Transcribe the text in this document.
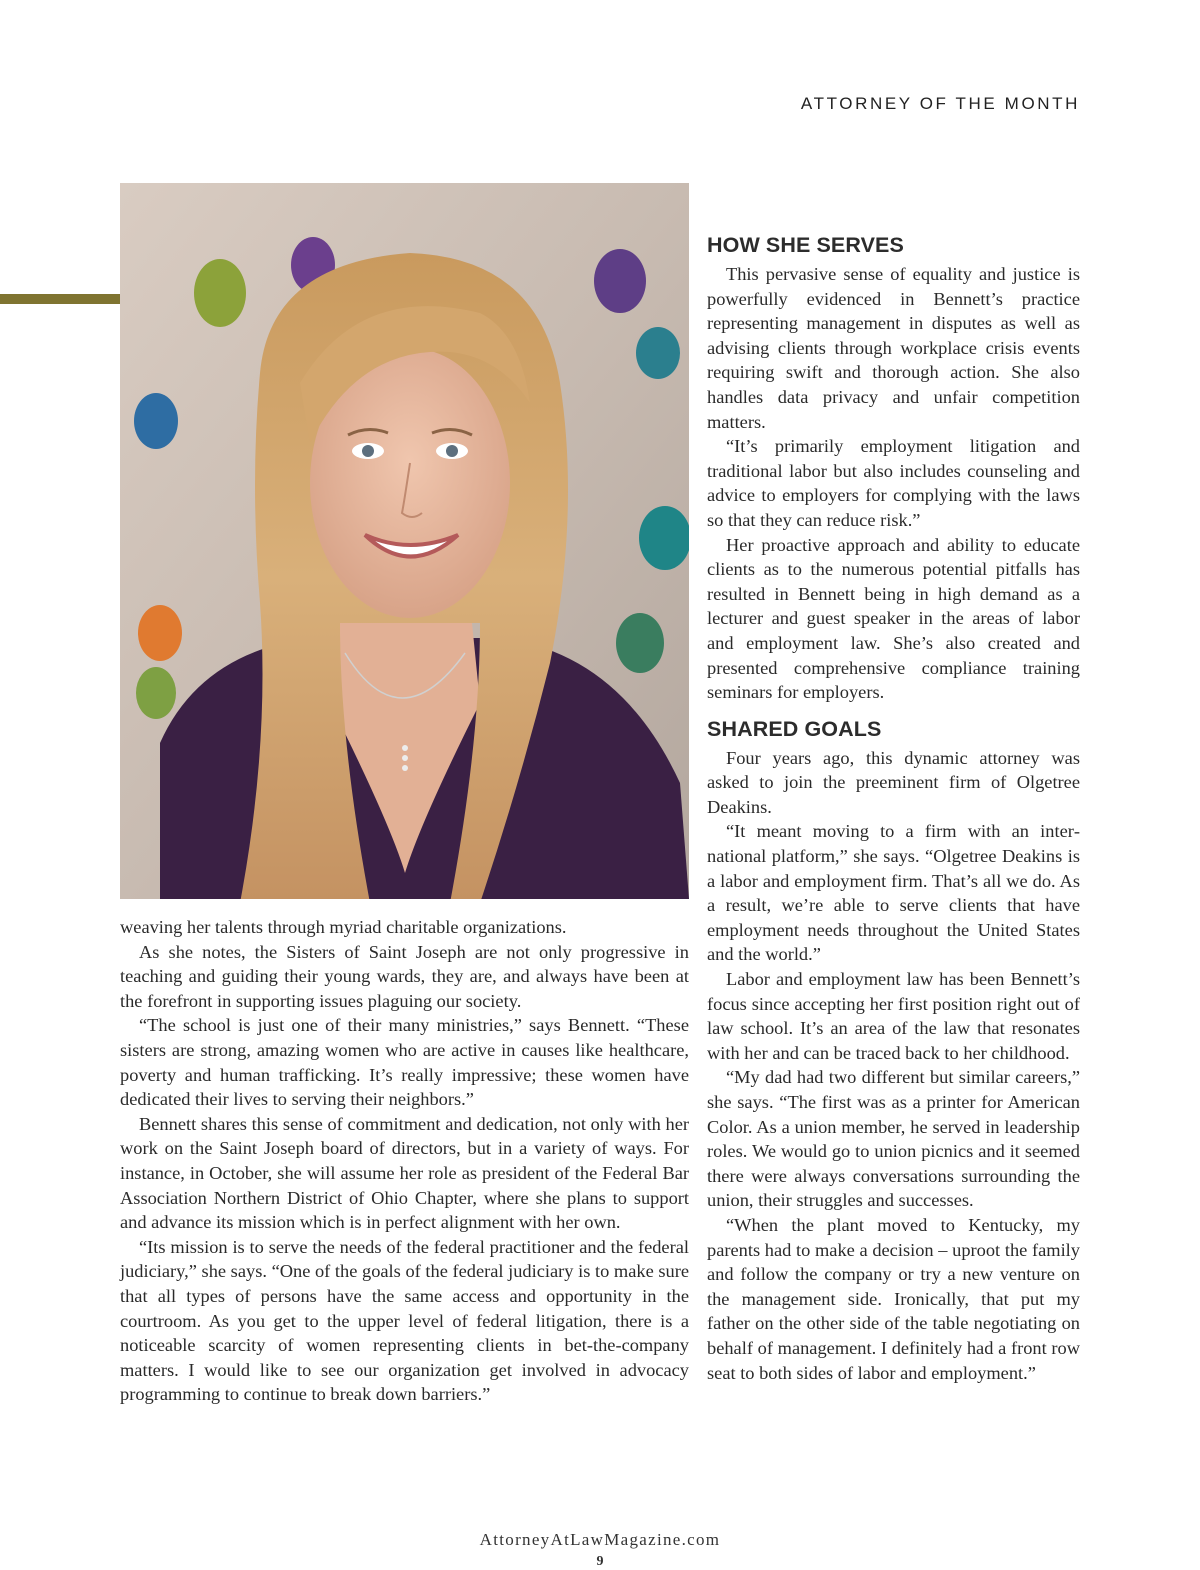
ATTORNEY OF THE MONTH

weaving her talents through myriad charitable organizations.

As she notes, the Sisters of Saint Joseph are not only progressive in teaching and guiding their young wards, they are, and always have been at the forefront in supporting issues plaguing our society.

“The school is just one of their many ministries,” says Bennett. “These sisters are strong, amazing women who are active in causes like healthcare, poverty and human trafficking. It’s really impressive; these women have dedicated their lives to serving their neighbors.”

Bennett shares this sense of commitment and dedication, not only with her work on the Saint Joseph board of directors, but in a variety of ways. For instance, in October, she will assume her role as president of the Federal Bar Association Northern District of Ohio Chapter, where she plans to support and advance its mission which is in perfect alignment with her own.

“Its mission is to serve the needs of the federal practitioner and the federal judiciary,” she says. “One of the goals of the federal judiciary is to make sure that all types of persons have the same access and opportunity in the courtroom. As you get to the upper level of federal litigation, there is a noticeable scarcity of women representing clients in bet-the-company matters. I would like to see our organization get involved in advocacy programming to continue to break down barriers.”

HOW SHE SERVES

This pervasive sense of equality and justice is powerfully evidenced in Bennett’s practice representing management in disputes as well as advising clients through workplace crisis events requiring swift and thorough action. She also handles data privacy and unfair competition matters.

“It’s primarily employment litigation and traditional labor but also includes counseling and advice to employers for complying with the laws so that they can reduce risk.”

Her proactive approach and ability to educate clients as to the numerous potential pitfalls has resulted in Bennett being in high demand as a lecturer and guest speaker in the areas of labor and employment law. She’s also created and presented comprehensive compliance training seminars for employers.

SHARED GOALS

Four years ago, this dynamic attorney was asked to join the preeminent firm of Olgetree Deakins.

“It meant moving to a firm with an international platform,” she says. “Olgetree Deakins is a labor and employment firm. That’s all we do. As a result, we’re able to serve clients that have employment needs throughout the United States and the world.”

Labor and employment law has been Bennett’s focus since accepting her first position right out of law school. It’s an area of the law that resonates with her and can be traced back to her childhood.

“My dad had two different but similar careers,” she says. “The first was as a printer for American Color. As a union member, he served in leadership roles. We would go to union picnics and it seemed there were always conversations surrounding the union, their struggles and successes.

“When the plant moved to Kentucky, my parents had to make a decision – uproot the family and follow the company or try a new venture on the management side. Ironically, that put my father on the other side of the table negotiating on behalf of management. I definitely had a front row seat to both sides of labor and employment.”

AttorneyAtLawMagazine.com
9
